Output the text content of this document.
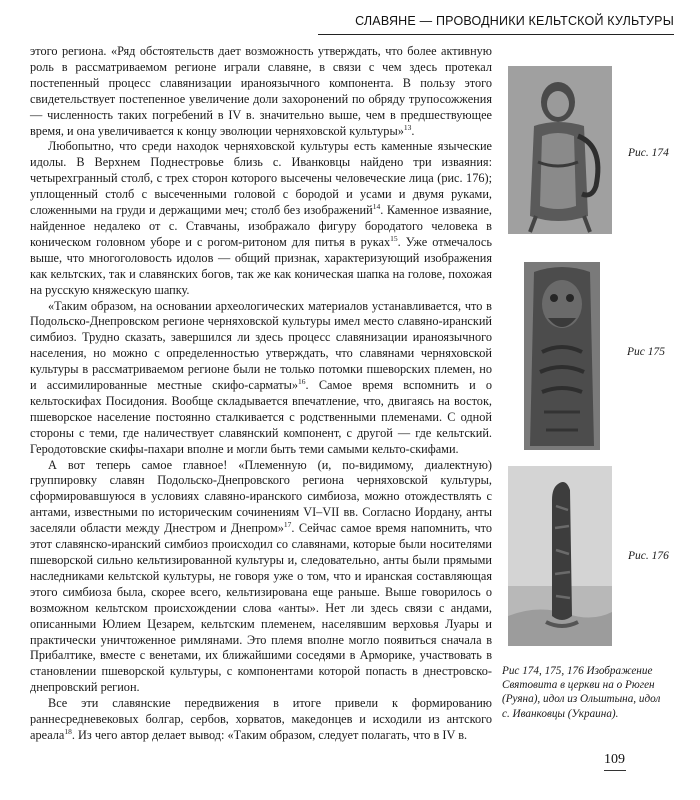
СЛАВЯНЕ — ПРОВОДНИКИ КЕЛЬТСКОЙ КУЛЬТУРЫ

этого региона. «Ряд обстоятельств дает возможность утверждать, что более активную роль в рассматриваемом регионе играли славяне, в связи с чем здесь протекал постепенный процесс славянизации ираноязычного компонента. В пользу этого свидетельствует постепенное увеличение доли захоронений по обряду трупосожжения — численность таких погребений в IV в. значительно выше, чем в предшествующее время, и она увеличивается к концу эволюции черняховской культуры»$^{13}$.

Любопытно, что среди находок черняховской культуры есть каменные языческие идолы. В Верхнем Поднестровье близь с. Иванковцы найдено три изваяния: четырехгранный столб, с трех сторон которого высечены человеческие лица (рис. 176); уплощенный столб с высеченными головой с бородой и усами и двумя руками, сложенными на груди и держащими меч; столб без изображений$^{14}$. Каменное изваяние, найденное недалеко от с. Ставчаны, изображало фигуру бородатого человека в коническом головном уборе и с рогом-ритоном для питья в руках$^{15}$. Уже отмечалось выше, что многоголовость идолов — общий признак, характеризующий изображения как кельтских, так и славянских богов, так же как коническая шапка на голове, похожая на русскую княжескую шапку.

«Таким образом, на основании археологических материалов устанавливается, что в Подольско-Днепровском регионе черняховской культуры имел место славяно-иранский симбиоз. Трудно сказать, завершился ли здесь процесс славянизации ираноязычного населения, но можно с определенностью утверждать, что славянами черняховской культуры в рассматриваемом регионе были не только потомки пшеворских племен, но и ассимилированные местные скифо-сарматы»$^{16}$. Самое время вспомнить и о кельтоскифах Посидония. Вообще складывается впечатление, что, двигаясь на восток, пшеворское население постоянно сталкивается с родственными племенами. С одной стороны с теми, где наличествует славянский компонент, с другой — где кельтский. Геродотовские скифы-пахари вполне и могли быть теми самыми кельто-скифами.

А вот теперь самое главное! «Племенную (и, по-видимому, диалектную) группировку славян Подольско-Днепровского региона черняховской культуры, сформировавшуюся в условиях славяно-иранского симбиоза, можно отождествлять с антами, известными по историческим сочинениям VI–VII вв. Согласно Иордану, анты заселяли области между Днестром и Днепром»$^{17}$. Сейчас самое время напомнить, что этот славянско-иранский симбиоз происходил со славянами, которые были носителями пшеворской сильно кельтизированной культуры и, следовательно, анты были прямыми наследниками кельтской культуры, не говоря уже о том, что и иранская составляющая этого симбиоза была, скорее всего, кельтизирована еще раньше. Выше говорилось о возможном кельтском происхождении слова «анты». Нет ли здесь связи с андами, описанными Юлием Цезарем, кельтским племенем, населявшим верховья Луары и практически уничтоженное римлянами. Это племя вполне могло появиться сначала в Прибалтике, вместе с венетами, их ближайшими соседями в Арморике, участвовать в становлении пшеворской культуры, с компонентами которой попасть в днестровско-днепровский регион.

Все эти славянские передвижения в итоге привели к формированию раннесредневековых болгар, сербов, хорватов, македонцев и исходили из антского ареала$^{18}$. Из чего автор делает вывод: «Таким образом, следует полагать, что в IV в.

Рис. 174
Рис 175
Рис. 176
Рис 174, 175, 176 Изображение
Святовита в церкви на о Рюген
(Руяна), идол из Ольштына, идол
с. Иванковцы (Украина).
109
